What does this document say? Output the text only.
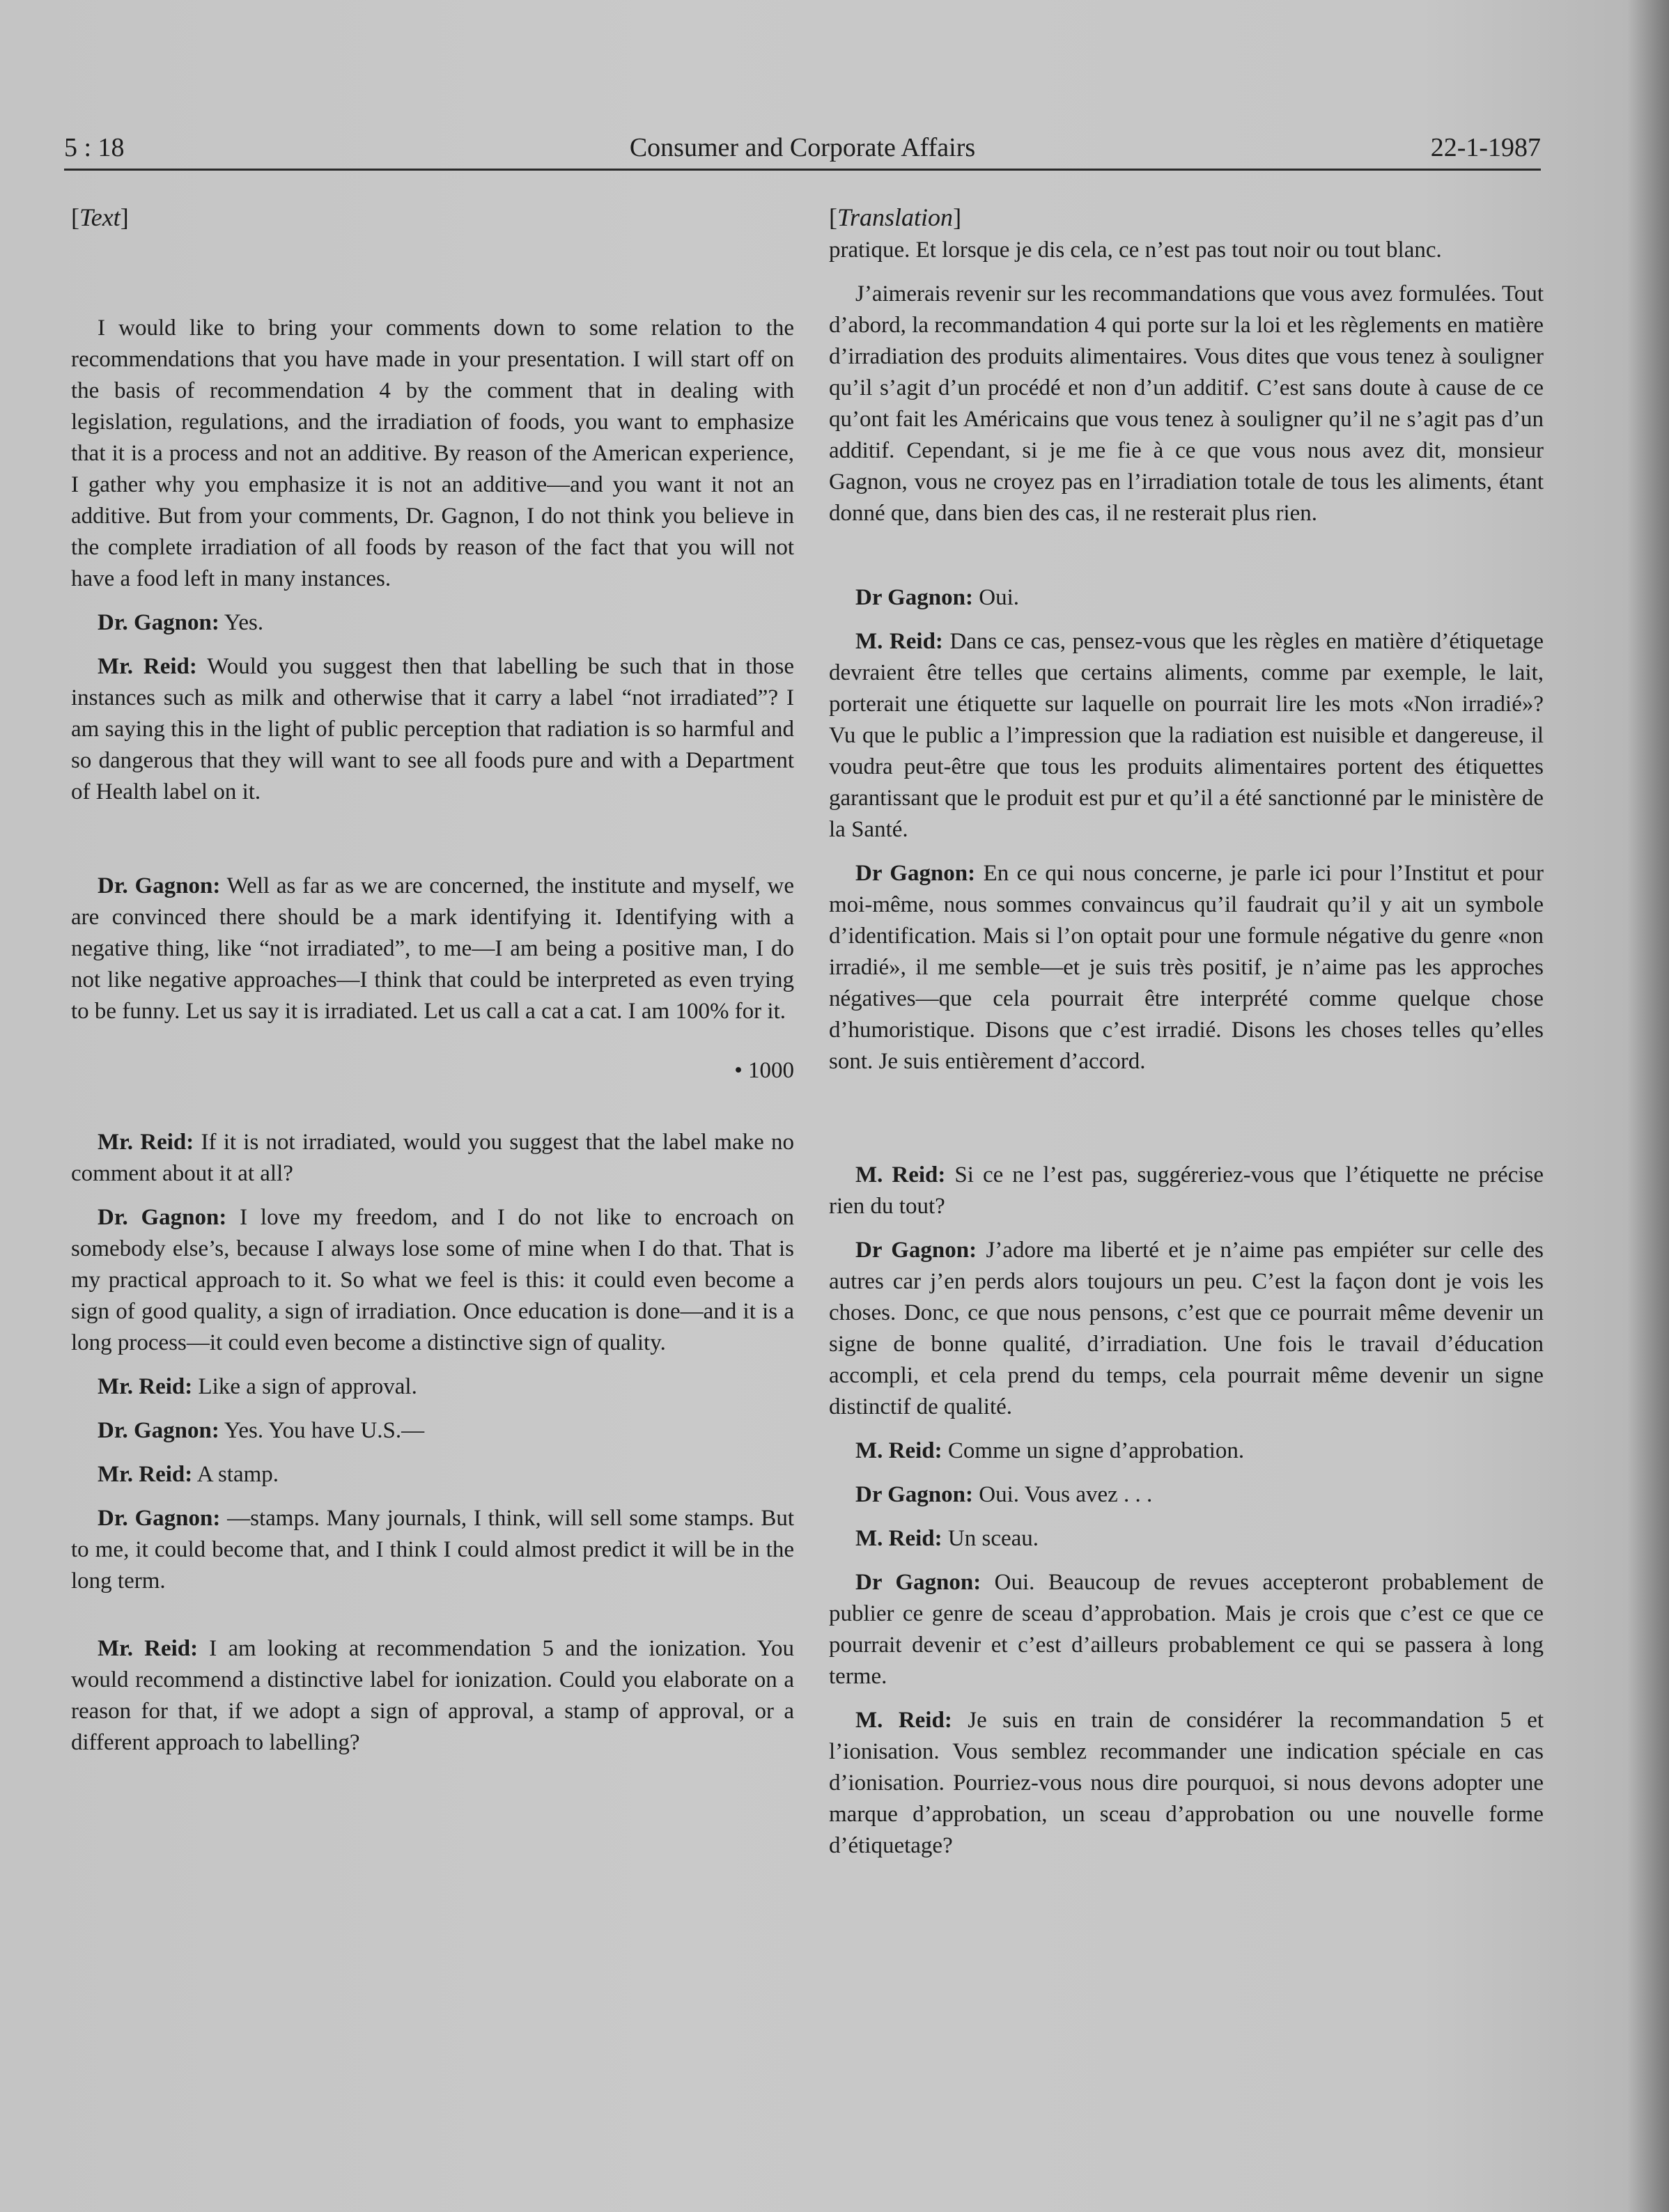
5 : 18	Consumer and Corporate Affairs	22-1-1987

[Text]

I would like to bring your comments down to some relation to the recommendations that you have made in your presentation. I will start off on the basis of recommendation 4 by the comment that in dealing with legislation, regulations, and the irradiation of foods, you want to emphasize that it is a process and not an additive. By reason of the American experience, I gather why you emphasize it is not an additive—and you want it not an additive. But from your comments, Dr. Gagnon, I do not think you believe in the complete irradiation of all foods by reason of the fact that you will not have a food left in many instances.

Dr. Gagnon: Yes.

Mr. Reid: Would you suggest then that labelling be such that in those instances such as milk and otherwise that it carry a label “not irradiated”? I am saying this in the light of public perception that radiation is so harmful and so dangerous that they will want to see all foods pure and with a Department of Health label on it.

Dr. Gagnon: Well as far as we are concerned, the institute and myself, we are convinced there should be a mark identifying it. Identifying with a negative thing, like “not irradiated”, to me—I am being a positive man, I do not like negative approaches—I think that could be interpreted as even trying to be funny. Let us say it is irradiated. Let us call a cat a cat. I am 100% for it.

• 1000

Mr. Reid: If it is not irradiated, would you suggest that the label make no comment about it at all?

Dr. Gagnon: I love my freedom, and I do not like to encroach on somebody else’s, because I always lose some of mine when I do that. That is my practical approach to it. So what we feel is this: it could even become a sign of good quality, a sign of irradiation. Once education is done—and it is a long process—it could even become a distinctive sign of quality.

Mr. Reid: Like a sign of approval.

Dr. Gagnon: Yes. You have U.S.—

Mr. Reid: A stamp.

Dr. Gagnon: —stamps. Many journals, I think, will sell some stamps. But to me, it could become that, and I think I could almost predict it will be in the long term.

Mr. Reid: I am looking at recommendation 5 and the ionization. You would recommend a distinctive label for ionization. Could you elaborate on a reason for that, if we adopt a sign of approval, a stamp of approval, or a different approach to labelling?

[Translation]

pratique. Et lorsque je dis cela, ce n’est pas tout noir ou tout blanc.

J’aimerais revenir sur les recommandations que vous avez formulées. Tout d’abord, la recommandation 4 qui porte sur la loi et les règlements en matière d’irradiation des produits alimentaires. Vous dites que vous tenez à souligner qu’il s’agit d’un procédé et non d’un additif. C’est sans doute à cause de ce qu’ont fait les Américains que vous tenez à souligner qu’il ne s’agit pas d’un additif. Cependant, si je me fie à ce que vous nous avez dit, monsieur Gagnon, vous ne croyez pas en l’irradiation totale de tous les aliments, étant donné que, dans bien des cas, il ne resterait plus rien.

Dr Gagnon: Oui.

M. Reid: Dans ce cas, pensez-vous que les règles en matière d’étiquetage devraient être telles que certains aliments, comme par exemple, le lait, porterait une étiquette sur laquelle on pourrait lire les mots «Non irradié»? Vu que le public a l’impression que la radiation est nuisible et dangereuse, il voudra peut-être que tous les produits alimentaires portent des étiquettes garantissant que le produit est pur et qu’il a été sanctionné par le ministère de la Santé.

Dr Gagnon: En ce qui nous concerne, je parle ici pour l’Institut et pour moi-même, nous sommes convaincus qu’il faudrait qu’il y ait un symbole d’identification. Mais si l’on optait pour une formule négative du genre «non irradié», il me semble—et je suis très positif, je n’aime pas les approches négatives—que cela pourrait être interprété comme quelque chose d’humoristique. Disons que c’est irradié. Disons les choses telles qu’elles sont. Je suis entièrement d’accord.

M. Reid: Si ce ne l’est pas, suggéreriez-vous que l’étiquette ne précise rien du tout?

Dr Gagnon: J’adore ma liberté et je n’aime pas empiéter sur celle des autres car j’en perds alors toujours un peu. C’est la façon dont je vois les choses. Donc, ce que nous pensons, c’est que ce pourrait même devenir un signe de bonne qualité, d’irradiation. Une fois le travail d’éducation accompli, et cela prend du temps, cela pourrait même devenir un signe distinctif de qualité.

M. Reid: Comme un signe d’approbation.

Dr Gagnon: Oui. Vous avez . . .

M. Reid: Un sceau.

Dr Gagnon: Oui. Beaucoup de revues accepteront probablement de publier ce genre de sceau d’approbation. Mais je crois que c’est ce que ce pourrait devenir et c’est d’ailleurs probablement ce qui se passera à long terme.

M. Reid: Je suis en train de considérer la recommandation 5 et l’ionisation. Vous semblez recommander une indication spéciale en cas d’ionisation. Pourriez-vous nous dire pourquoi, si nous devons adopter une marque d’approbation, un sceau d’approbation ou une nouvelle forme d’étiquetage?
